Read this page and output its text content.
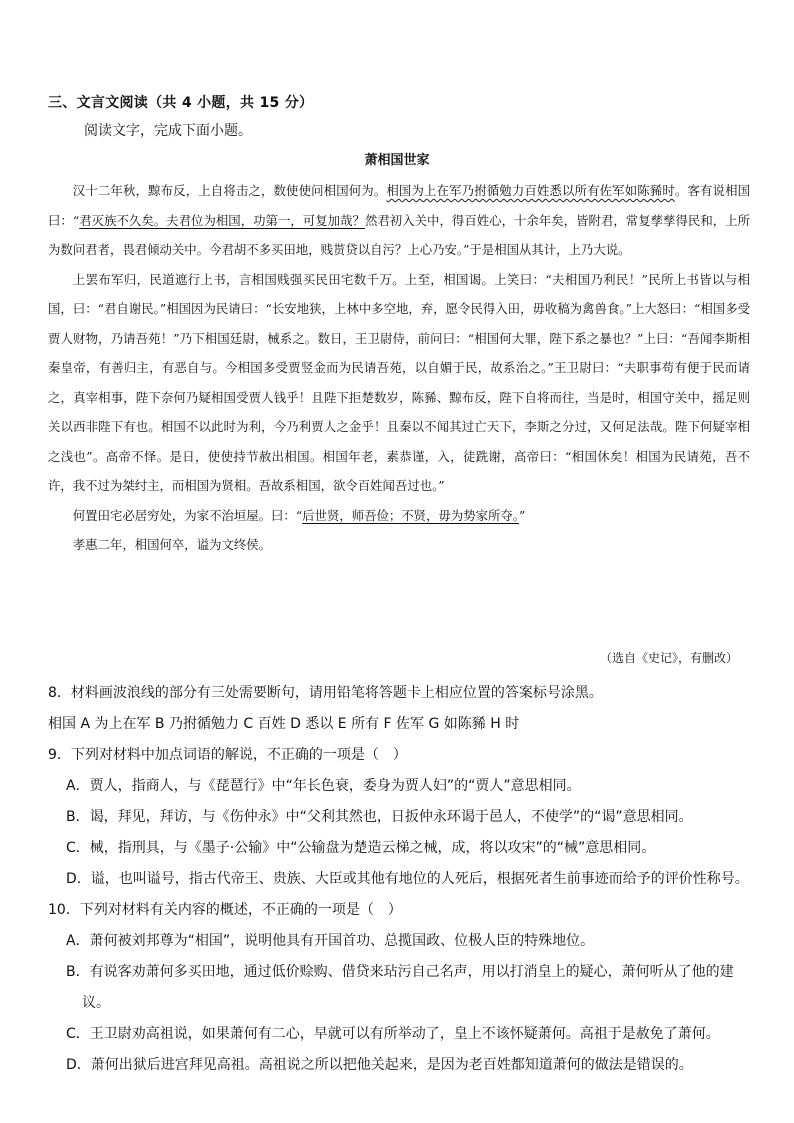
三、文言文阅读（共 4 小题，共 15 分）
阅读文字，完成下面小题。
萧相国世家

汉十二年秋，黥布反，上自将击之，数使使问相国何为。相国为上在军乃拊循勉力百姓悉以所有佐军如陈豨时。客有说相国曰：“君灭族不久矣。夫君位为相国，功第一，可复加哉？然君初入关中，得百姓心，十余年矣，皆附君，常复孳孳得民和，上所为数问君者，畏君倾动关中。今君胡不多买田地，贱贳贷以自污？上心乃安。”于是相国从其计，上乃大说。

上罢布军归，民道遮行上书，言相国贱强买民田宅数千万。上至，相国谒。上笑曰：“夫相国乃利民！”民所上书皆以与相国，曰：“君自谢民。”相国因为民请曰：“长安地狭，上林中多空地，弃，愿令民得入田，毋收稿为禽兽食。”上大怒曰：“相国多受贾人财物，乃请吾苑！”乃下相国廷尉，械系之。数日，王卫尉侍，前问曰：“相国何大罪，陛下系之暴也？”上曰：“吾闻李斯相秦皇帝，有善归主，有恶自与。今相国多受贾竖金而为民请吾苑，以自媚于民，故系治之。”王卫尉曰：“夫职事苟有便于民而请之，真宰相事，陛下奈何乃疑相国受贾人钱乎！且陛下拒楚数岁，陈豨、黥布反，陛下自将而往，当是时，相国守关中，摇足则关以西非陛下有也。相国不以此时为利，今乃利贾人之金乎！且秦以不闻其过亡天下，李斯之分过，又何足法哉。陛下何疑宰相之浅也”。高帝不怿。是日，使使持节赦出相国。相国年老，素恭谨，入，徒跣谢，高帝曰：“相国休矣！相国为民请苑，吾不许，我不过为桀纣主，而相国为贤相。吾故系相国，欲令百姓闻吾过也。”

何置田宅必居穷处，为家不治垣屋。曰：“后世贤，师吾俭；不贤，毋为势家所夺。”

孝惠二年，相国何卒，谥为文终侯。

（选自《史记》，有删改）

8．材料画波浪线的部分有三处需要断句，请用铅笔将答题卡上相应位置的答案标号涂黑。

相国 A 为上在军 B 乃拊循勉力 C 百姓 D 悉以 E 所有 F 佐军 G 如陈豨 H 时

9．下列对材料中加点词语的解说，不正确的一项是（　）

A．贾人，指商人，与《琵琶行》中“年长色衰，委身为贾人妇”的“贾人”意思相同。

B．谒，拜见，拜访，与《伤仲永》中“父利其然也，日扳仲永环谒于邑人，不使学”的“谒”意思相同。

C．械，指刑具，与《墨子·公输》中“公输盘为楚造云梯之械，成，将以攻宋”的“械”意思相同。

D．谥，也叫谥号，指古代帝王、贵族、大臣或其他有地位的人死后，根据死者生前事迹而给予的评价性称号。

10．下列对材料有关内容的概述，不正确的一项是（　）

A．萧何被刘邦尊为“相国”，说明他具有开国首功、总揽国政、位极人臣的特殊地位。

B．有说客劝萧何多买田地，通过低价赊购、借贷来玷污自己名声，用以打消皇上的疑心，萧何听从了他的建

议。

C．王卫尉劝高祖说，如果萧何有二心，早就可以有所举动了，皇上不该怀疑萧何。高祖于是赦免了萧何。

D．萧何出狱后进宫拜见高祖。高祖说之所以把他关起来，是因为老百姓都知道萧何的做法是错误的。
